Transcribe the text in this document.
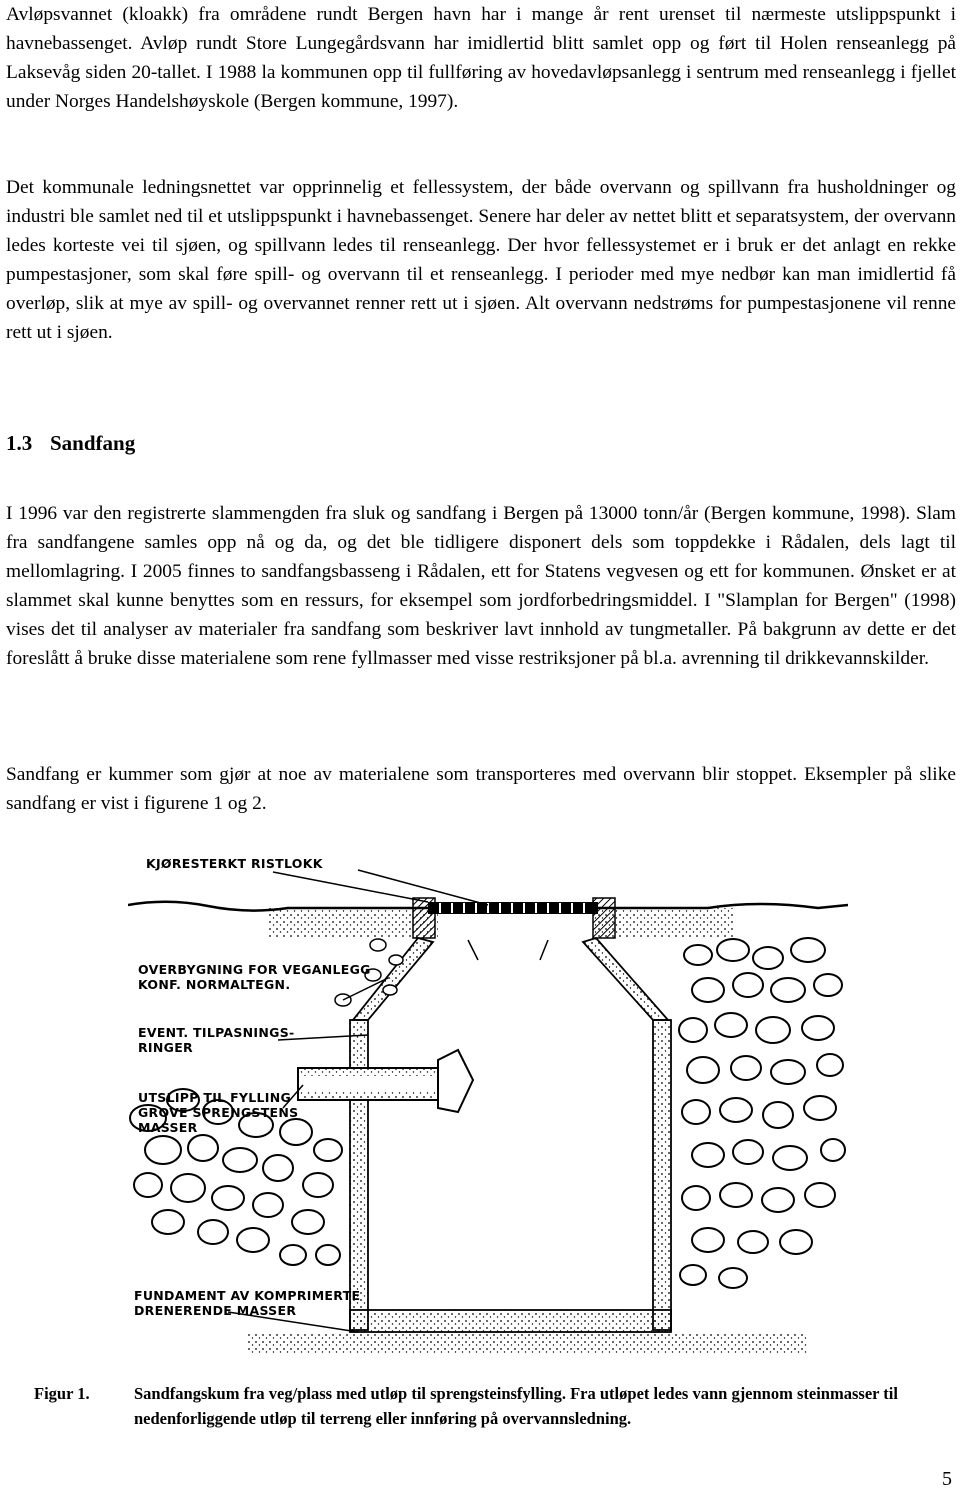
Avløpsvannet (kloakk) fra områdene rundt Bergen havn har i mange år rent urenset til nærmeste utslippspunkt i havnebassenget. Avløp rundt Store Lungegårdsvann har imidlertid blitt samlet opp og ført til Holen renseanlegg på Laksevåg siden 20-tallet. I 1988 la kommunen opp til fullføring av hovedavløpsanlegg i sentrum med renseanlegg i fjellet under Norges Handelshøyskole (Bergen kommune, 1997).

Det kommunale ledningsnettet var opprinnelig et fellessystem, der både overvann og spillvann fra husholdninger og industri ble samlet ned til et utslippspunkt i havnebassenget. Senere har deler av nettet blitt et separatsystem, der overvann ledes korteste vei til sjøen, og spillvann ledes til renseanlegg. Der hvor fellessystemet er i bruk er det anlagt en rekke pumpestasjoner, som skal føre spill- og overvann til et renseanlegg. I perioder med mye nedbør kan man imidlertid få overløp, slik at mye av spill- og overvannet renner rett ut i sjøen. Alt overvann nedstrøms for pumpestasjonene vil renne rett ut i sjøen.

1.3 Sandfang

I 1996 var den registrerte slammengden fra sluk og sandfang i Bergen på 13000 tonn/år (Bergen kommune, 1998). Slam fra sandfangene samles opp nå og da, og det ble tidligere disponert dels som toppdekke i Rådalen, dels lagt til mellomlagring. I 2005 finnes to sandfangsbasseng i Rådalen, ett for Statens vegvesen og ett for kommunen. Ønsket er at slammet skal kunne benyttes som en ressurs, for eksempel som jordforbedringsmiddel. I "Slamplan for Bergen" (1998) vises det til analyser av materialer fra sandfang som beskriver lavt innhold av tungmetaller. På bakgrunn av dette er det foreslått å bruke disse materialene som rene fyllmasser med visse restriksjoner på bl.a. avrenning til drikkevannskilder.

Sandfang er kummer som gjør at noe av materialene som transporteres med overvann blir stoppet. Eksempler på slike sandfang er vist i figurene 1 og 2.

KJØRESTERKT RISTLOKK
OVERBYGNING FOR VEGANLEGG
KONF. NORMALTEGN.
EVENT. TILPASNINGS-
RINGER
UTSLIPP TIL FYLLING
GROVE SPRENGSTENS
MASSER
FUNDAMENT AV KOMPRIMERTE
DRENERENDE MASSER
Figur 1.	Sandfangskum fra veg/plass med utløp til sprengsteinsfylling. Fra utløpet ledes vann gjennom steinmasser til nedenforliggende utløp til terreng eller innføring på overvannsledning.
5
